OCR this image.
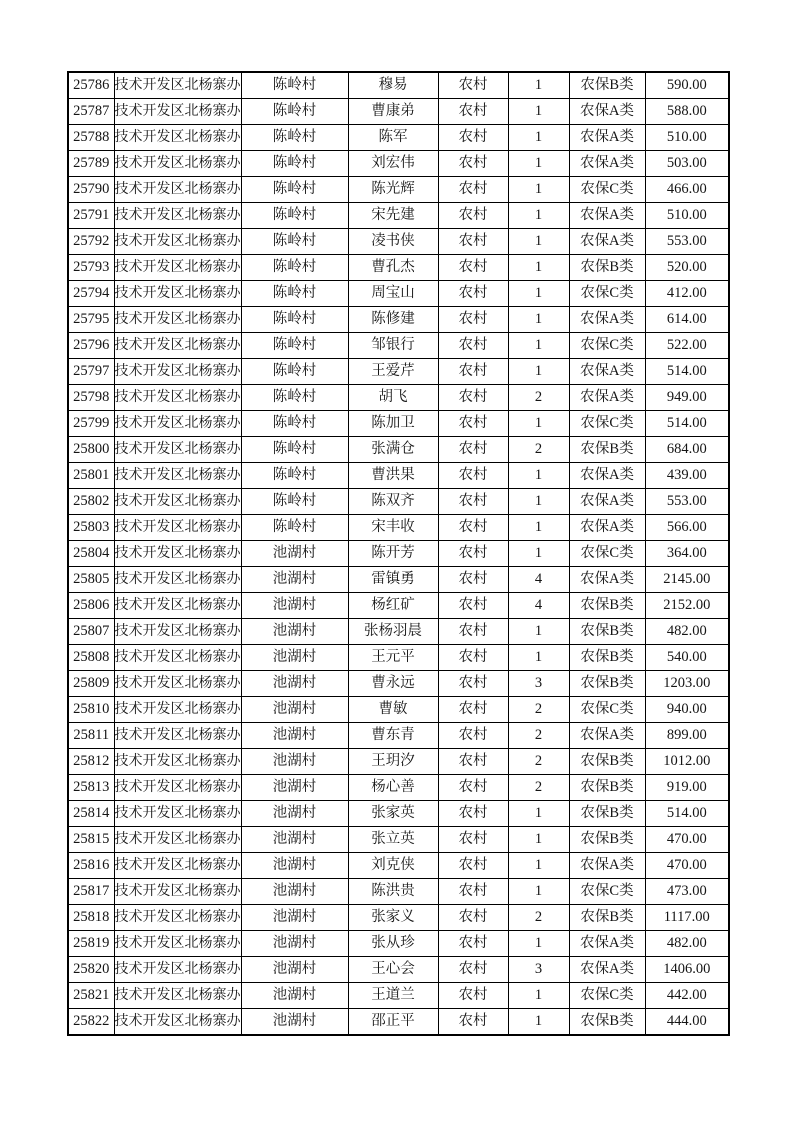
25786	技术开发区北杨寨办	陈岭村	穆易	农村	1	农保B类	590.00
25787	技术开发区北杨寨办	陈岭村	曹康弟	农村	1	农保A类	588.00
25788	技术开发区北杨寨办	陈岭村	陈军	农村	1	农保A类	510.00
25789	技术开发区北杨寨办	陈岭村	刘宏伟	农村	1	农保A类	503.00
25790	技术开发区北杨寨办	陈岭村	陈光辉	农村	1	农保C类	466.00
25791	技术开发区北杨寨办	陈岭村	宋先建	农村	1	农保A类	510.00
25792	技术开发区北杨寨办	陈岭村	凌书侠	农村	1	农保A类	553.00
25793	技术开发区北杨寨办	陈岭村	曹孔杰	农村	1	农保B类	520.00
25794	技术开发区北杨寨办	陈岭村	周宝山	农村	1	农保C类	412.00
25795	技术开发区北杨寨办	陈岭村	陈修建	农村	1	农保A类	614.00
25796	技术开发区北杨寨办	陈岭村	邹银行	农村	1	农保C类	522.00
25797	技术开发区北杨寨办	陈岭村	王爱芹	农村	1	农保A类	514.00
25798	技术开发区北杨寨办	陈岭村	胡飞	农村	2	农保A类	949.00
25799	技术开发区北杨寨办	陈岭村	陈加卫	农村	1	农保C类	514.00
25800	技术开发区北杨寨办	陈岭村	张满仓	农村	2	农保B类	684.00
25801	技术开发区北杨寨办	陈岭村	曹洪果	农村	1	农保A类	439.00
25802	技术开发区北杨寨办	陈岭村	陈双齐	农村	1	农保A类	553.00
25803	技术开发区北杨寨办	陈岭村	宋丰收	农村	1	农保A类	566.00
25804	技术开发区北杨寨办	池湖村	陈开芳	农村	1	农保C类	364.00
25805	技术开发区北杨寨办	池湖村	雷镇勇	农村	4	农保A类	2145.00
25806	技术开发区北杨寨办	池湖村	杨红矿	农村	4	农保B类	2152.00
25807	技术开发区北杨寨办	池湖村	张杨羽晨	农村	1	农保B类	482.00
25808	技术开发区北杨寨办	池湖村	王元平	农村	1	农保B类	540.00
25809	技术开发区北杨寨办	池湖村	曹永远	农村	3	农保B类	1203.00
25810	技术开发区北杨寨办	池湖村	曹敏	农村	2	农保C类	940.00
25811	技术开发区北杨寨办	池湖村	曹东青	农村	2	农保A类	899.00
25812	技术开发区北杨寨办	池湖村	王玥汐	农村	2	农保B类	1012.00
25813	技术开发区北杨寨办	池湖村	杨心善	农村	2	农保B类	919.00
25814	技术开发区北杨寨办	池湖村	张家英	农村	1	农保B类	514.00
25815	技术开发区北杨寨办	池湖村	张立英	农村	1	农保B类	470.00
25816	技术开发区北杨寨办	池湖村	刘克侠	农村	1	农保A类	470.00
25817	技术开发区北杨寨办	池湖村	陈洪贵	农村	1	农保C类	473.00
25818	技术开发区北杨寨办	池湖村	张家义	农村	2	农保B类	1117.00
25819	技术开发区北杨寨办	池湖村	张从珍	农村	1	农保A类	482.00
25820	技术开发区北杨寨办	池湖村	王心会	农村	3	农保A类	1406.00
25821	技术开发区北杨寨办	池湖村	王道兰	农村	1	农保C类	442.00
25822	技术开发区北杨寨办	池湖村	邵正平	农村	1	农保B类	444.00
